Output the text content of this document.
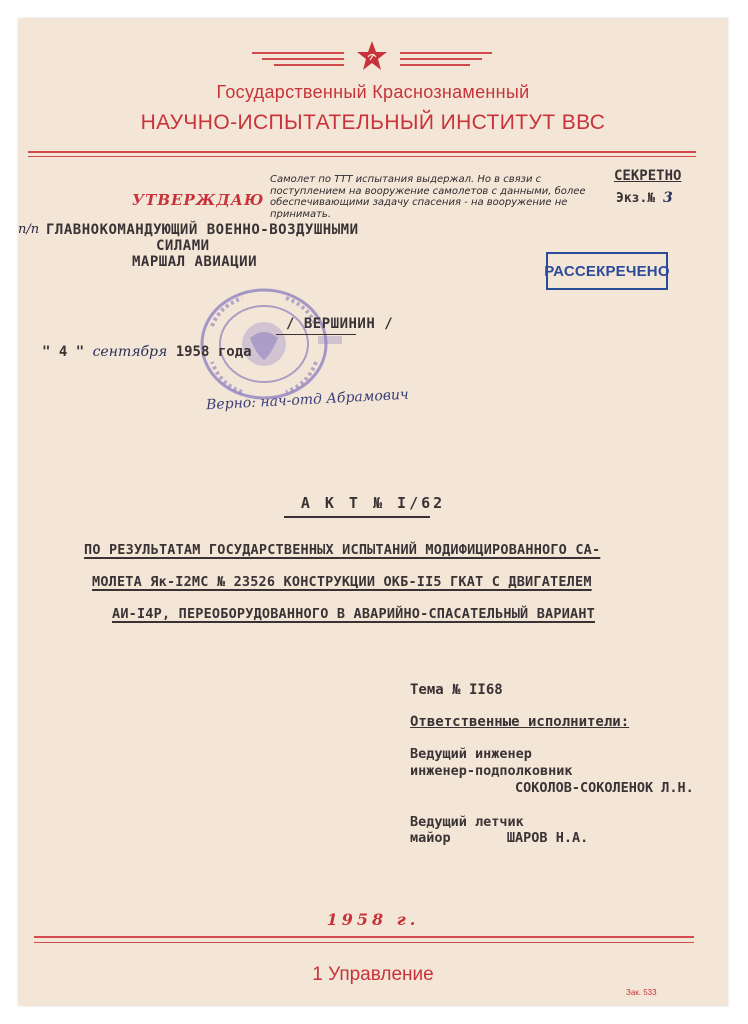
Государственный Краснознаменный
НАУЧНО-ИСПЫТАТЕЛЬНЫЙ ИНСТИТУТ ВВС
УТВЕРЖДАЮ
Самолет по ТТТ испытания выдержал. Но в связи с поступлением на вооружение самолетов с данными, более обеспечивающими задачу спасения - на вооружение не принимать.
СЕКРЕТНО
Экз.№ 3
п/п ГЛАВНОКОМАНДУЮЩИЙ ВОЕННО-ВОЗДУШНЫМИ
СИЛАМИ
МАРШАЛ АВИАЦИИ
РАССЕКРЕЧЕНО
/ ВЕРШИНИН /
" 4 " сентября 1958 года
Верно: нач-отд Абрамович
А К Т № I/62
ПО РЕЗУЛЬТАТАМ ГОСУДАРСТВЕННЫХ ИСПЫТАНИЙ МОДИФИЦИРОВАННОГО СА-
МОЛЕТА Як-I2МС № 23526 КОНСТРУКЦИИ ОКБ-II5 ГКАТ С ДВИГАТЕЛЕМ
АИ-I4Р, ПЕРЕОБОРУДОВАННОГО В АВАРИЙНО-СПАСАТЕЛЬНЫЙ ВАРИАНТ
Тема № II68
Ответственные исполнители:
Ведущий инженер
инженер-подполковник
СОКОЛОВ-СОКОЛЕНОК Л.Н.
Ведущий летчик
майор	ШАРОВ Н.А.
1958 г.
1 Управление
Зак. 533
